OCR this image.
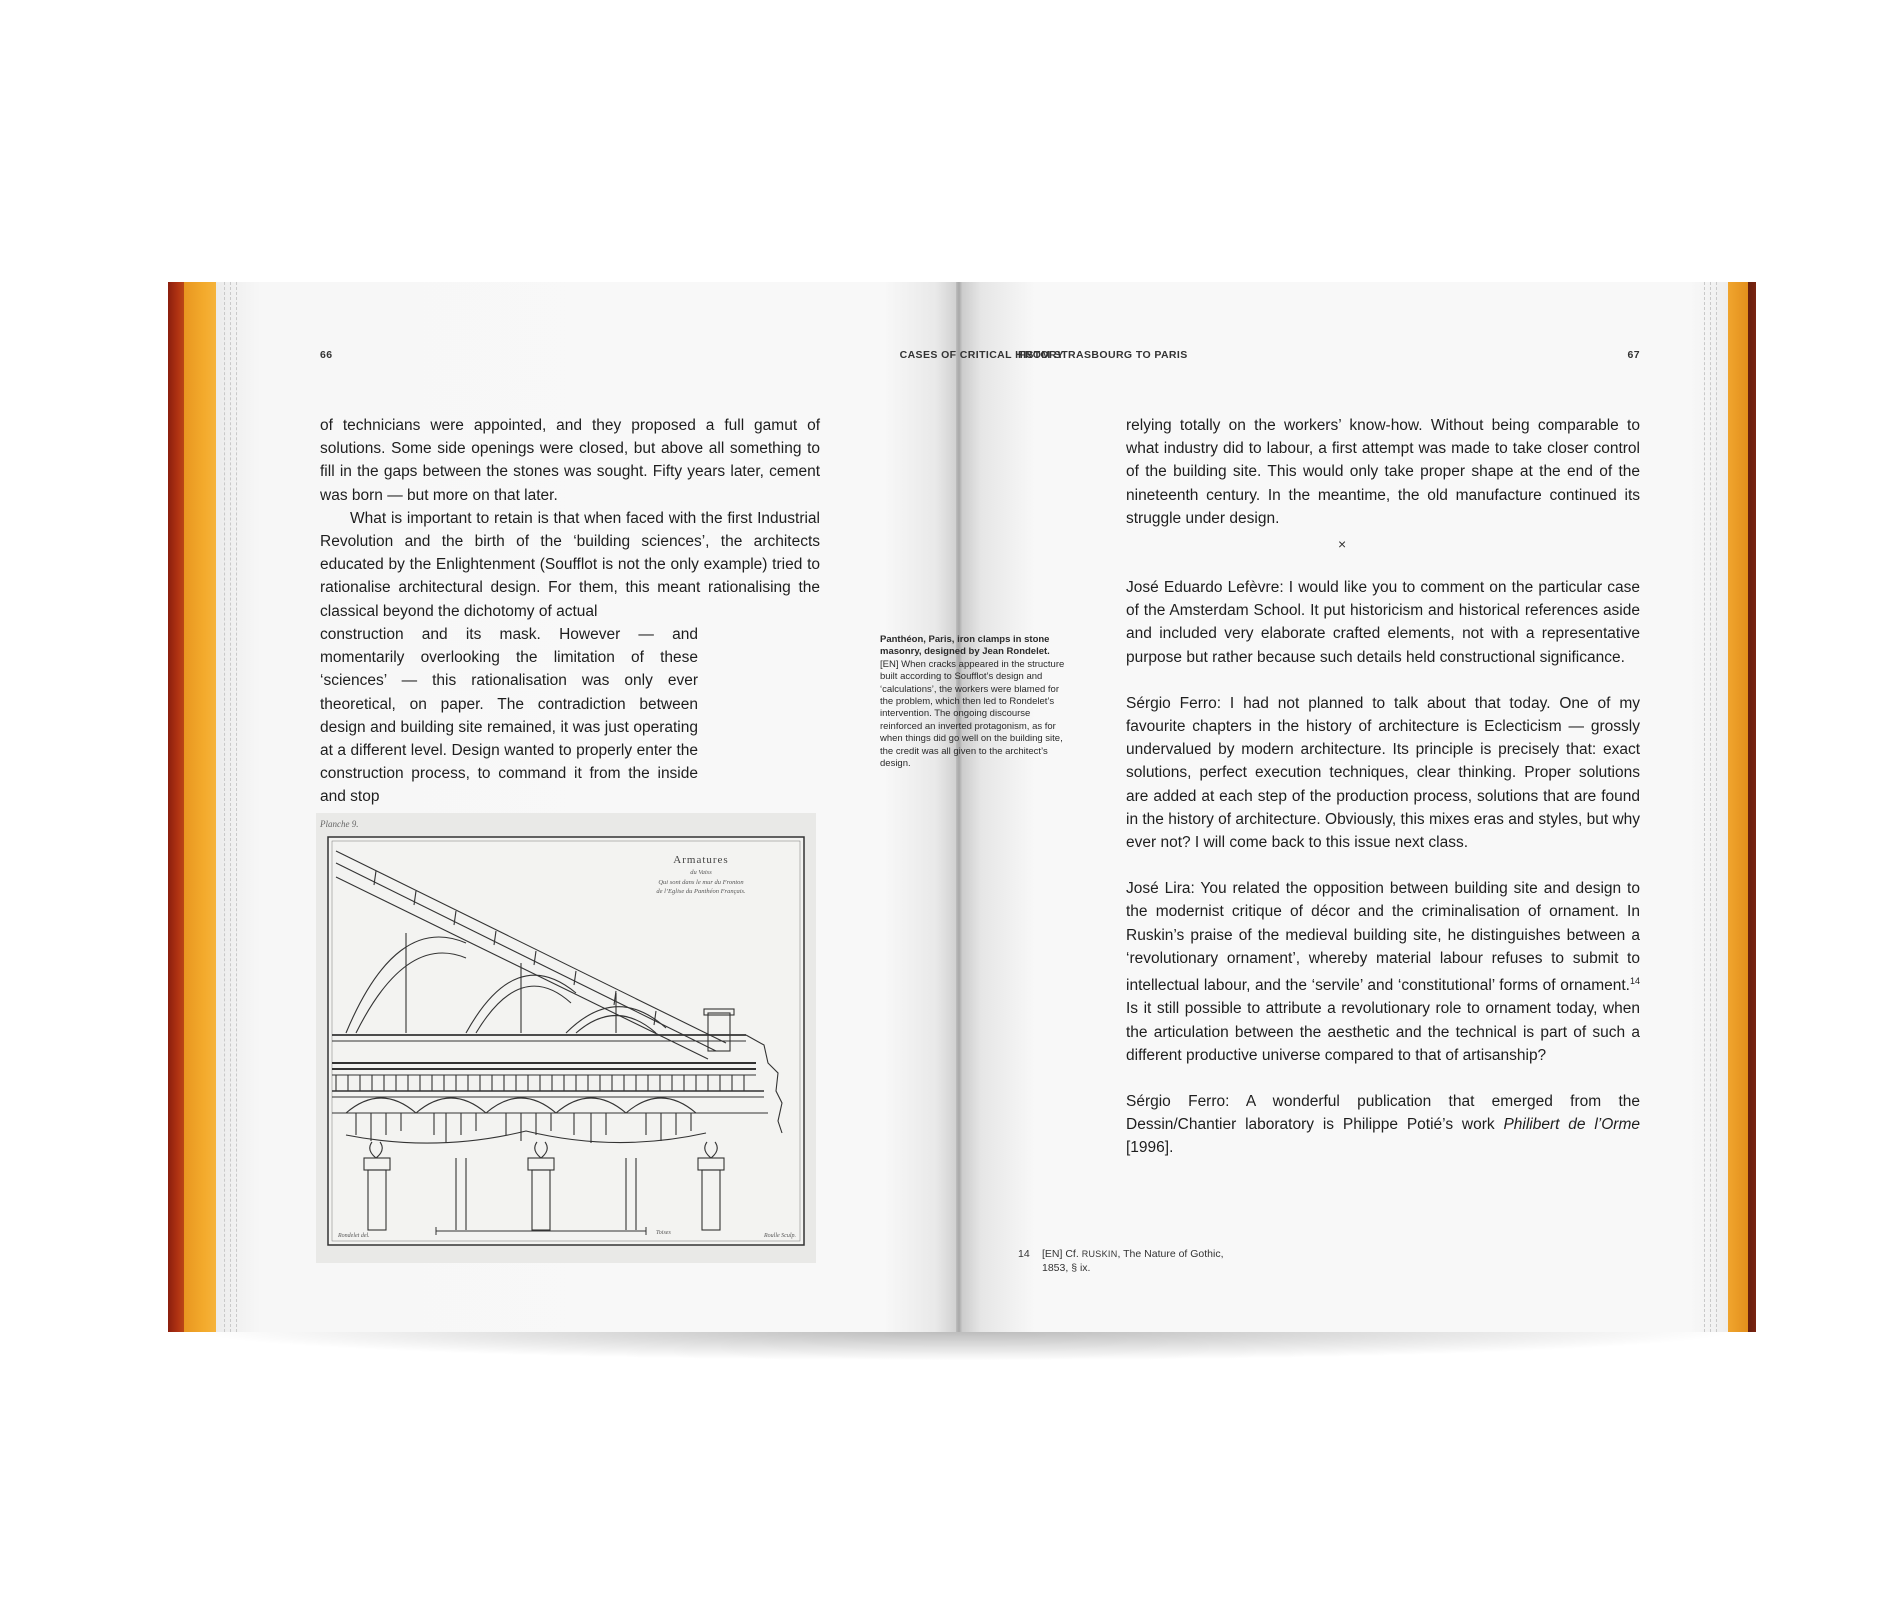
66	CASES OF CRITICAL HISTORY

of technicians were appointed, and they proposed a full gamut of solutions. Some side openings were closed, but above all something to fill in the gaps between the stones was sought. Fifty years later, cement was born — but more on that later.

What is important to retain is that when faced with the first Industrial Revolution and the birth of the ‘building sciences’, the architects educated by the Enlightenment (Soufflot is not the only example) tried to rationalise architectural design. For them, this meant rationalising the classical beyond the dichotomy of actual

construction and its mask. However — and momentarily overlooking the limitation of these ‘sciences’ — this rationalisation was only ever theoretical, on paper. The contradiction between design and building site remained, it was just operating at a different level. Design wanted to properly enter the construction process, to command it from the inside and stop

Panthéon, Paris, iron clamps in stone masonry, designed by Jean Rondelet.
[EN] When cracks appeared in the structure built according to Soufflot’s design and ‘calculations’, the workers were blamed for the problem, which then led to Rondelet’s intervention. The ongoing discourse reinforced an inverted protagonism, as for when things did go well on the building site, the credit was all given to the architect’s design.
Planche 9.
Armatures
du Vaiss
Qui sont dans le mur du Fronton
de l’Eglise du Panthéon Français.
Toises
Rondelet del.	Roulle Sculp.
FROM STRASBOURG TO PARIS	67

relying totally on the workers’ know-how. Without being comparable to what industry did to labour, a first attempt was made to take closer control of the building site. This would only take proper shape at the end of the nineteenth century. In the meantime, the old manufacture continued its struggle under design.

×

José Eduardo Lefèvre: I would like you to comment on the particular case of the Amsterdam School. It put historicism and historical references aside and included very elaborate crafted elements, not with a representative purpose but rather because such details held constructional significance.

Sérgio Ferro: I had not planned to talk about that today. One of my favourite chapters in the history of architecture is Eclecticism — grossly undervalued by modern architecture. Its principle is precisely that: exact solutions, perfect execution techniques, clear thinking. Proper solutions are added at each step of the production process, solutions that are found in the history of architecture. Obviously, this mixes eras and styles, but why ever not? I will come back to this issue next class.

José Lira: You related the opposition between building site and design to the modernist critique of décor and the criminalisation of ornament. In Ruskin’s praise of the medieval building site, he distinguishes between a ‘revolutionary ornament’, whereby material labour refuses to submit to intellectual labour, and the ‘servile’ and ‘constitutional’ forms of ornament.$^{14}$ Is it still possible to attribute a revolutionary role to ornament today, when the articulation between the aesthetic and the technical is part of such a different productive universe compared to that of artisanship?

Sérgio Ferro: A wonderful publication that emerged from the Dessin/Chantier laboratory is Philippe Potié’s work Philibert de l’Orme [1996].

14 [EN] Cf. RUSKIN, The Nature of Gothic,
1853, § ix.
